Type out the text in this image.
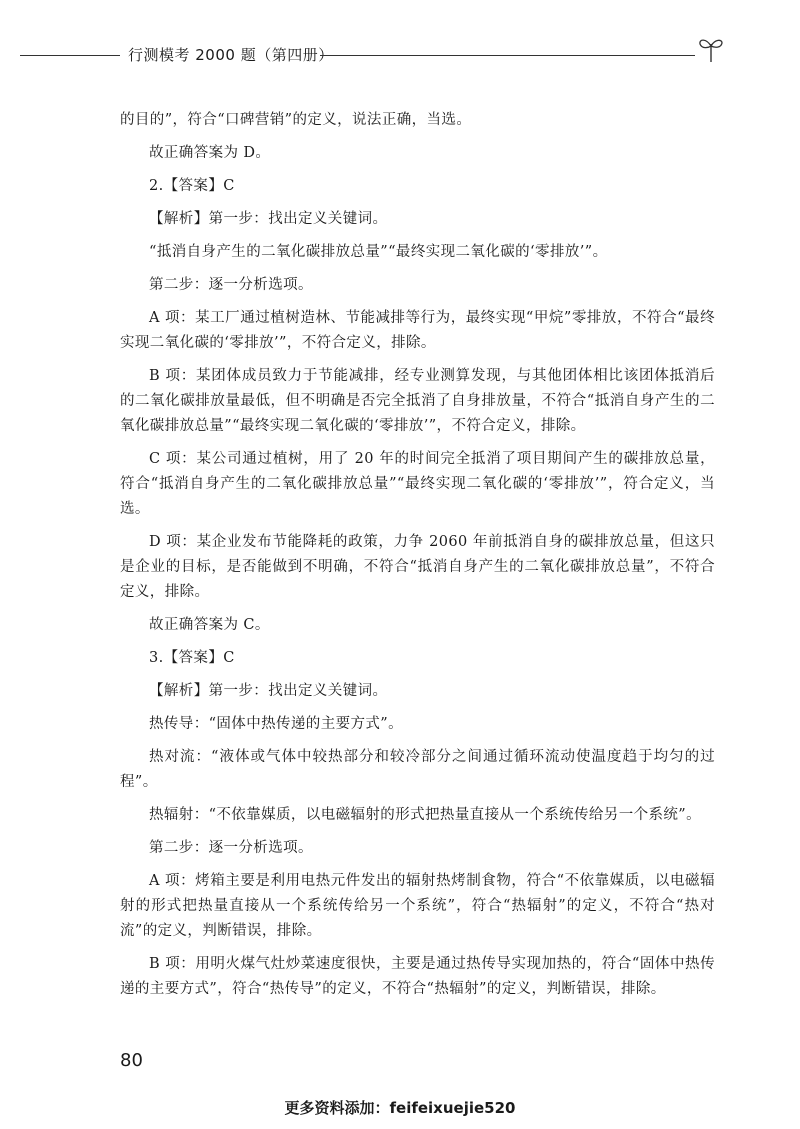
行测模考 2000 题（第四册）

的目的”，符合“口碑营销”的定义，说法正确，当选。

故正确答案为 D。

2.【答案】C

【解析】第一步：找出定义关键词。

“抵消自身产生的二氧化碳排放总量”“最终实现二氧化碳的‘零排放’”。

第二步：逐一分析选项。

A 项：某工厂通过植树造林、节能减排等行为，最终实现“甲烷”零排放，不符合“最终实现二氧化碳的‘零排放’”，不符合定义，排除。

B 项：某团体成员致力于节能减排，经专业测算发现，与其他团体相比该团体抵消后的二氧化碳排放量最低，但不明确是否完全抵消了自身排放量，不符合“抵消自身产生的二氧化碳排放总量”“最终实现二氧化碳的‘零排放’”，不符合定义，排除。

C 项：某公司通过植树，用了 20 年的时间完全抵消了项目期间产生的碳排放总量，符合“抵消自身产生的二氧化碳排放总量”“最终实现二氧化碳的‘零排放’”，符合定义，当选。

D 项：某企业发布节能降耗的政策，力争 2060 年前抵消自身的碳排放总量，但这只是企业的目标，是否能做到不明确，不符合“抵消自身产生的二氧化碳排放总量”，不符合定义，排除。

故正确答案为 C。

3.【答案】C

【解析】第一步：找出定义关键词。

热传导：“固体中热传递的主要方式”。

热对流：“液体或气体中较热部分和较冷部分之间通过循环流动使温度趋于均匀的过程”。

热辐射：“不依靠媒质，以电磁辐射的形式把热量直接从一个系统传给另一个系统”。

第二步：逐一分析选项。

A 项：烤箱主要是利用电热元件发出的辐射热烤制食物，符合“不依靠媒质，以电磁辐射的形式把热量直接从一个系统传给另一个系统”，符合“热辐射”的定义，不符合“热对流”的定义，判断错误，排除。

B 项：用明火煤气灶炒菜速度很快，主要是通过热传导实现加热的，符合“固体中热传递的主要方式”，符合“热传导”的定义，不符合“热辐射”的定义，判断错误，排除。

80
更多资料添加：feifeixuejie520
